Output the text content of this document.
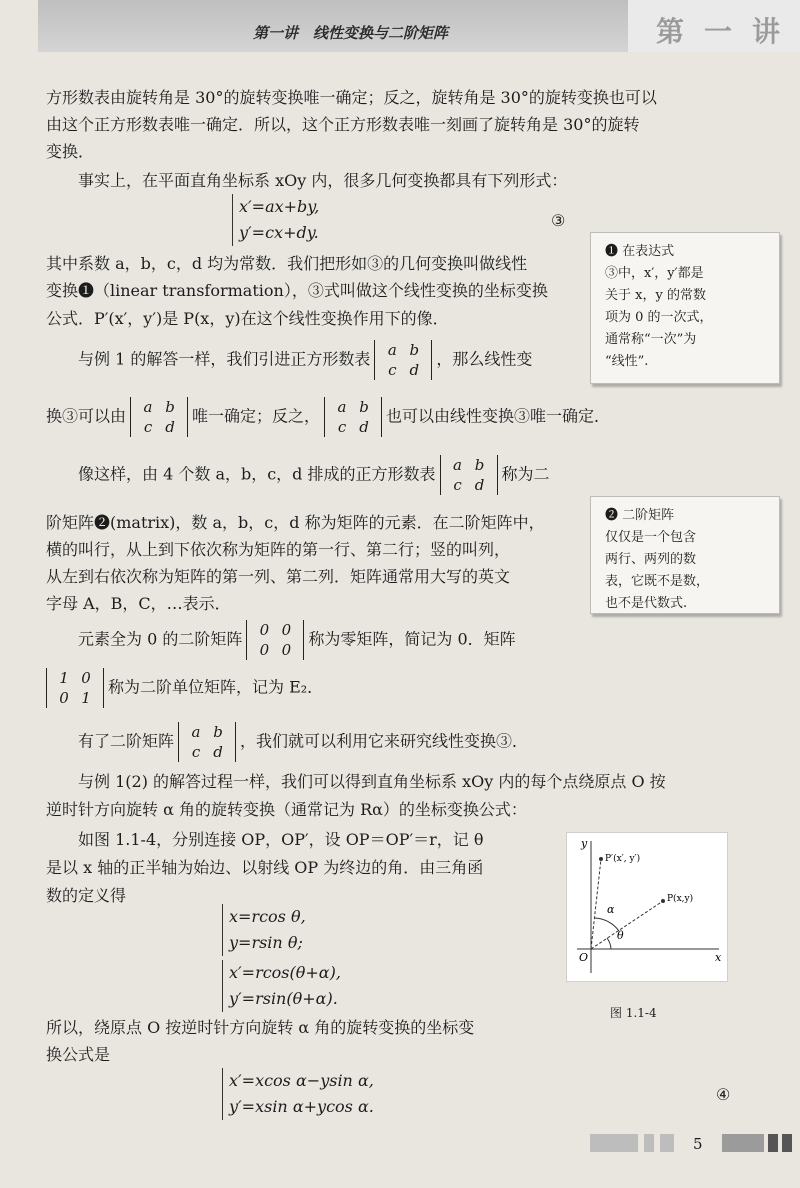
第一讲　线性变换与二阶矩阵	第一讲
方形数表由旋转角是 30°的旋转变换唯一确定；反之，旋转角是 30°的旋转变换也可以
由这个正方形数表唯一确定．所以，这个正方形数表唯一刻画了旋转角是 30°的旋转
变换．
事实上，在平面直角坐标系 xOy 内，很多几何变换都具有下列形式：
x′=ax+by,
y′=cx+dy.
③
其中系数 a，b，c，d 均为常数．我们把形如③的几何变换叫做线性
变换❶（linear transformation），③式叫做这个线性变换的坐标变换
公式．P′(x′，y′)是 P(x，y)在这个线性变换作用下的像．
❶ 在表达式
③中，x′，y′都是
关于 x，y 的常数
项为 0 的一次式，
通常称“一次”为
“线性”.
与例 1 的解答一样，我们引进正方形数表	a b
c d
，那么线性变
换③可以由	a b
c d
唯一确定；反之，	a b
c d
也可以由线性变换③唯一确定．
像这样，由 4 个数 a，b，c，d 排成的正方形数表	a b
c d
称为二
阶矩阵❷(matrix)，数 a，b，c，d 称为矩阵的元素．在二阶矩阵中，
横的叫行，从上到下依次称为矩阵的第一行、第二行；竖的叫列，
从左到右依次称为矩阵的第一列、第二列．矩阵通常用大写的英文
字母 A，B，C，…表示．
❷ 二阶矩阵
仅仅是一个包含
两行、两列的数
表，它既不是数，
也不是代数式.
元素全为 0 的二阶矩阵	0 0
0 0
称为零矩阵，简记为 0．矩阵
1 0
0 1
称为二阶单位矩阵，记为 E₂．
有了二阶矩阵	a b
c d
，我们就可以利用它来研究线性变换③．
与例 1(2) 的解答过程一样，我们可以得到直角坐标系 xOy 内的每个点绕原点 O 按
逆时针方向旋转 α 角的旋转变换（通常记为 Rα）的坐标变换公式：
如图 1.1-4，分别连接 OP，OP′，设 OP＝OP′＝r，记 θ
是以 x 轴的正半轴为始边、以射线 OP 为终边的角．由三角函
数的定义得
x=rcos θ,
y=rsin θ;
x′=rcos(θ+α),
y′=rsin(θ+α).
所以，绕原点 O 按逆时针方向旋转 α 角的旋转变换的坐标变
换公式是
x′=xcos α−ysin α,
y′=xsin α+ycos α.
④
y
x
O
P′(x′, y′)
P(x,y)
α
θ
图 1.1-4
5
